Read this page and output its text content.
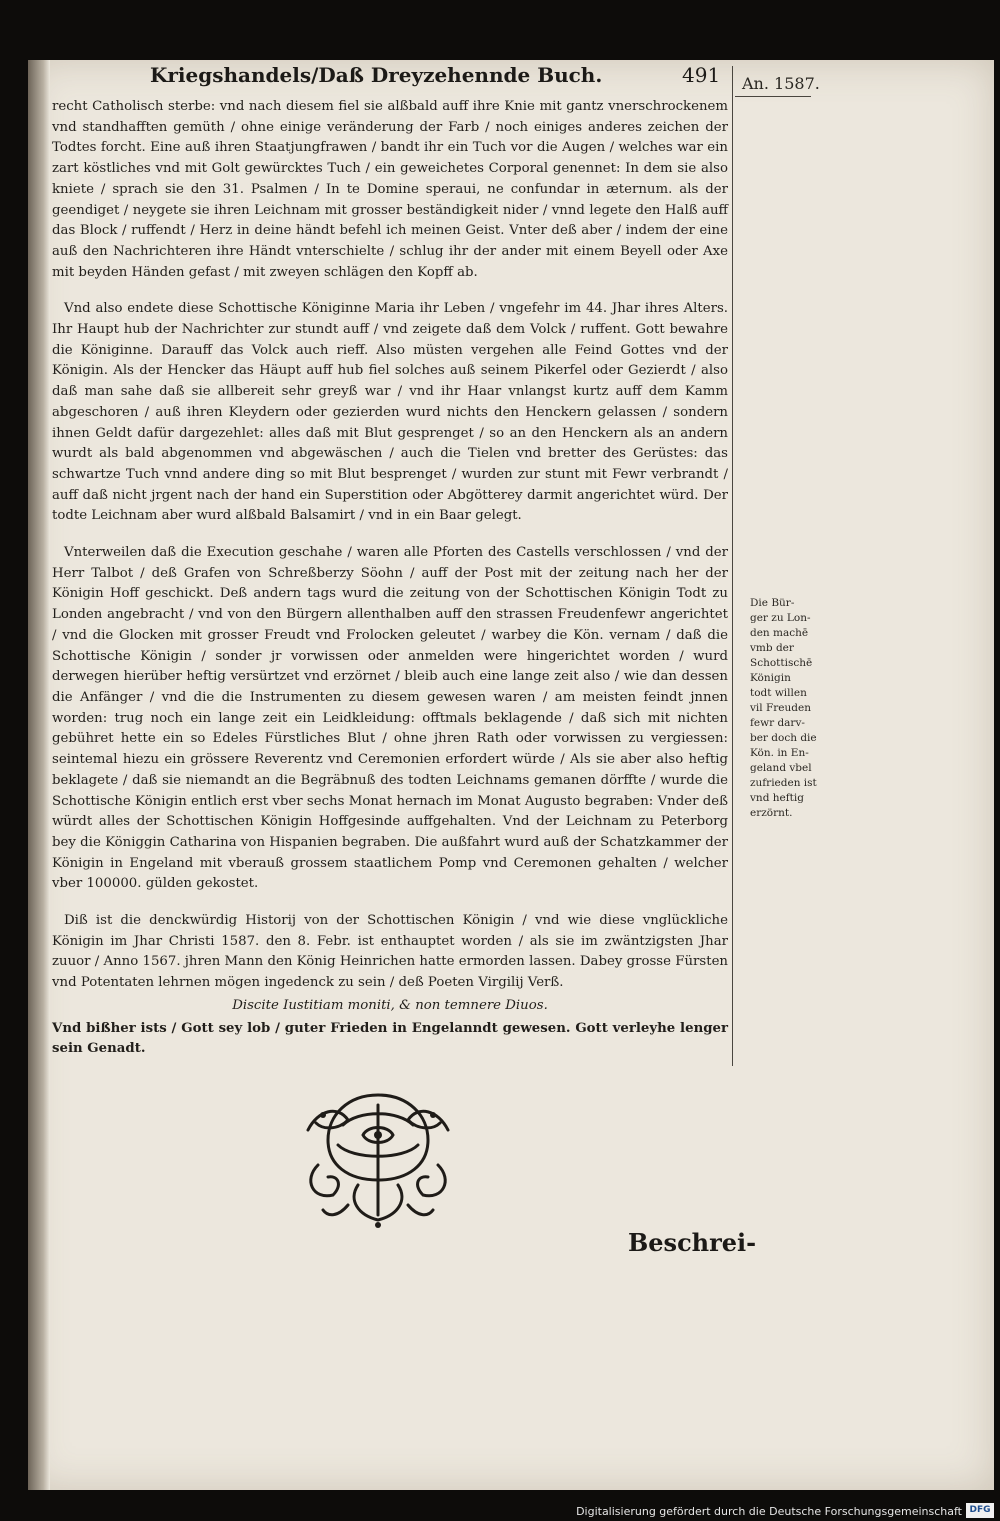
Kriegshandels/Daß Dreyzehennde Buch.	491 An. 1587.

recht Catholisch sterbe: vnd nach diesem fiel sie alßbald auff ihre Knie mit gantz vnerschrockenem vnd standhafften gemüth / ohne einige veränderung der Farb / noch einiges anderes zeichen der Todtes forcht. Eine auß ihren Staatjungfrawen / bandt ihr ein Tuch vor die Augen / welches war ein zart köstliches vnd mit Golt gewürcktes Tuch / ein geweichetes Corporal genennet: In dem sie also kniete / sprach sie den 31. Psalmen / In te Domine speraui, ne confundar in æternum. als der geendiget / neygete sie ihren Leichnam mit grosser beständigkeit nider / vnnd legete den Halß auff das Block / ruffendt / Herz in deine händt befehl ich meinen Geist. Vnter deß aber / indem der eine auß den Nachrichteren ihre Händt vnterschielte / schlug ihr der ander mit einem Beyell oder Axe mit beyden Händen gefast / mit zweyen schlägen den Kopff ab.

Vnd also endete diese Schottische Königinne Maria ihr Leben / vngefehr im 44. Jhar ihres Alters. Ihr Haupt hub der Nachrichter zur stundt auff / vnd zeigete daß dem Volck / ruffent. Gott bewahre die Königinne. Darauff das Volck auch rieff. Also müsten vergehen alle Feind Gottes vnd der Königin. Als der Hencker das Häupt auff hub fiel solches auß seinem Pikerfel oder Gezierdt / also daß man sahe daß sie allbereit sehr greyß war / vnd ihr Haar vnlangst kurtz auff dem Kamm abgeschoren / auß ihren Kleydern oder gezierden wurd nichts den Henckern gelassen / sondern ihnen Geldt dafür dargezehlet: alles daß mit Blut gesprenget / so an den Henckern als an andern wurdt als bald abgenommen vnd abgewäschen / auch die Tielen vnd bretter des Gerüstes: das schwartze Tuch vnnd andere ding so mit Blut besprenget / wurden zur stunt mit Fewr verbrandt / auff daß nicht jrgent nach der hand ein Superstition oder Abgötterey darmit angerichtet würd. Der todte Leichnam aber wurd alßbald Balsamirt / vnd in ein Baar gelegt.

Vnterweilen daß die Execution geschahe / waren alle Pforten des Castells verschlossen / vnd der Herr Talbot / deß Grafen von Schreßberzy Söohn / auff der Post mit der zeitung nach her der Königin Hoff geschickt. Deß andern tags wurd die zeitung von der Schottischen Königin Todt zu Londen angebracht / vnd von den Bürgern allenthalben auff den strassen Freudenfewr angerichtet / vnd die Glocken mit grosser Freudt vnd Frolocken geleutet / warbey die Kön. vernam / daß die Schottische Königin / sonder jr vorwissen oder anmelden were hingerichtet worden / wurd derwegen hierüber heftig versürtzet vnd erzörnet / bleib auch eine lange zeit also / wie dan dessen die Anfänger / vnd die die Instrumenten zu diesem gewesen waren / am meisten feindt jnnen worden: trug noch ein lange zeit ein Leidkleidung: offtmals beklagende / daß sich mit nichten gebühret hette ein so Edeles Fürstliches Blut / ohne jhren Rath oder vorwissen zu vergiessen: seintemal hiezu ein grössere Reverentz vnd Ceremonien erfordert würde / Als sie aber also heftig beklagete / daß sie niemandt an die Begräbnuß des todten Leichnams gemanen dörffte / wurde die Schottische Königin entlich erst vber sechs Monat hernach im Monat Augusto begraben: Vnder deß würdt alles der Schottischen Königin Hoffgesinde auffgehalten. Vnd der Leichnam zu Peterborg bey die Königgin Catharina von Hispanien begraben. Die außfahrt wurd auß der Schatzkammer der Königin in Engeland mit vberauß grossem staatlichem Pomp vnd Ceremonen gehalten / welcher vber 100000. gülden gekostet.

Diß ist die denckwürdig Historij von der Schottischen Königin / vnd wie diese vnglückliche Königin im Jhar Christi 1587. den 8. Febr. ist enthauptet worden / als sie im zwäntzigsten Jhar zuuor / Anno 1567. jhren Mann den König Heinrichen hatte ermorden lassen. Dabey grosse Fürsten vnd Potentaten lehrnen mögen ingedenck zu sein / deß Poeten Virgilij Verß.

Discite Iustitiam moniti, & non temnere Diuos.

Vnd bißher ists / Gott sey lob / guter Frieden in Engelanndt gewesen. Gott verleyhe lenger sein Genadt.

Die Bür-
ger zu Lon-
den machē
vmb der
Schottischē
Königin
todt willen
vil Freuden
fewr darv-
ber doch die
Kön. in En-
geland vbel
zufrieden ist
vnd heftig
erzörnt.
Beschrei-
Digitalisierung gefördert durch die Deutsche Forschungsgemeinschaft DFG
